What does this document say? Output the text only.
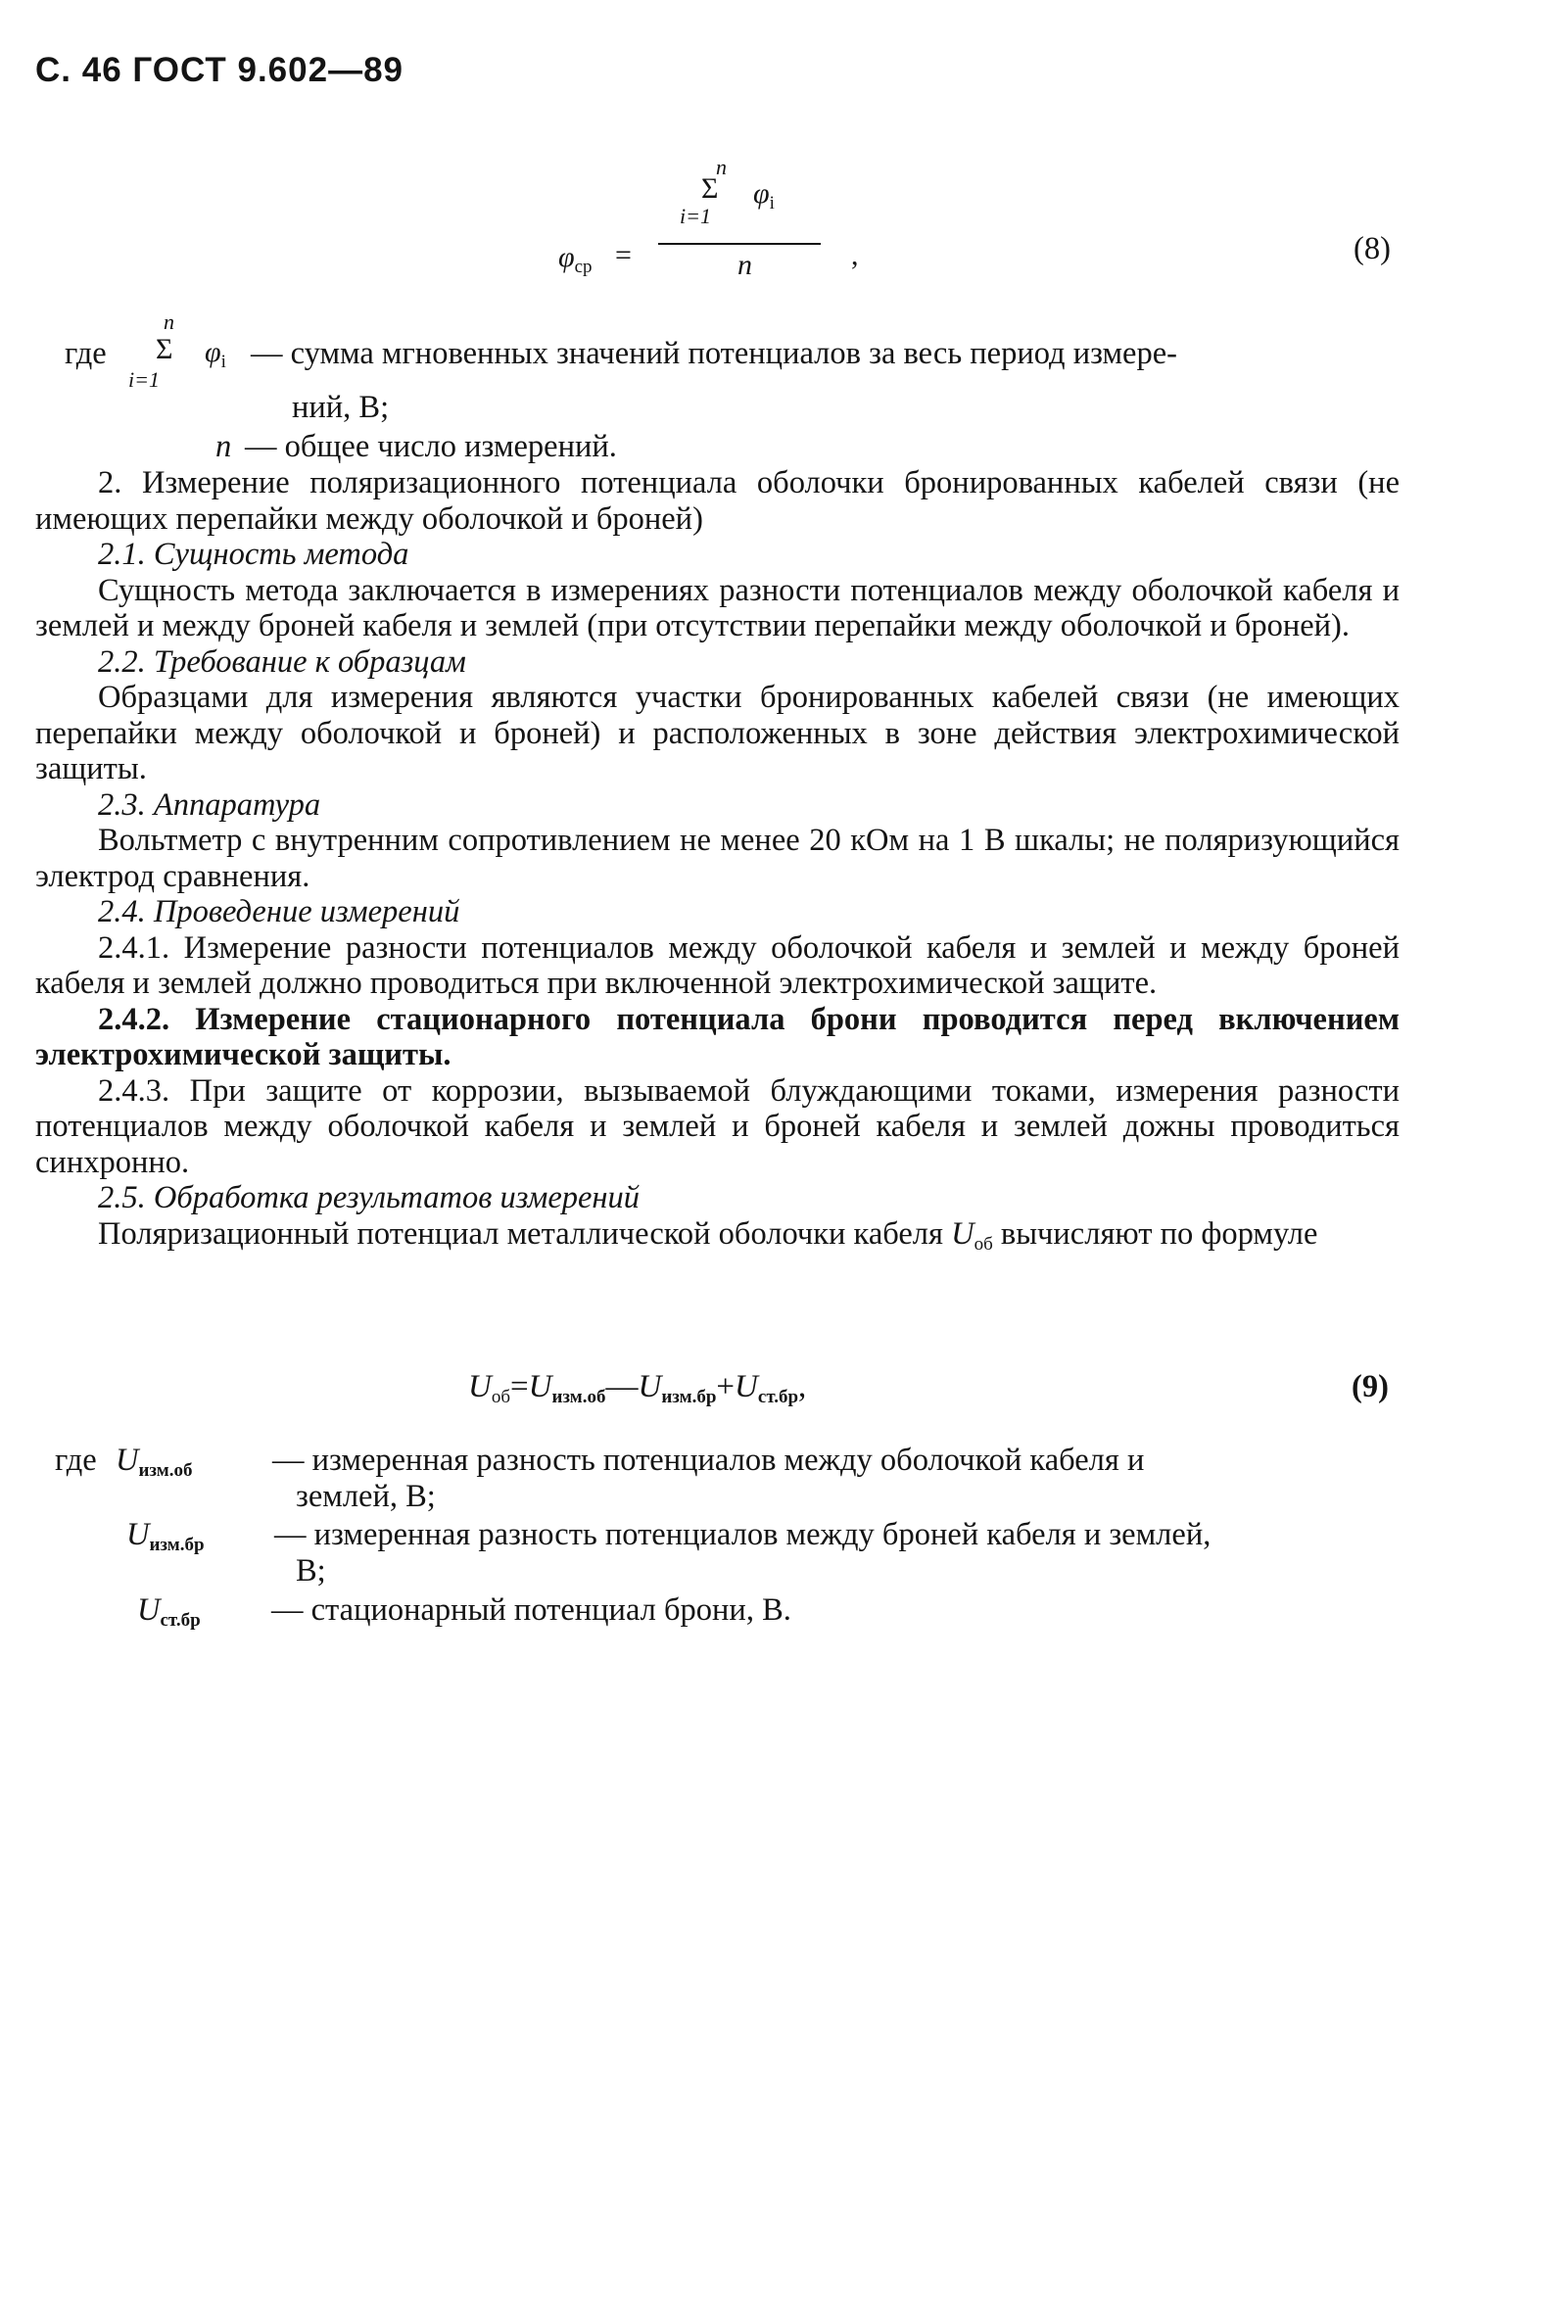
С. 46 ГОСТ 9.602—89
n
Σ $\varphi_i$
i=1
$\varphi_{ср}$ =	n	,	(8)
n
где Σ $\varphi_i$ — сумма мгновенных значений потенциалов за весь период измере-
i=1
ний, В;
n — общее число измерений.

2. Измерение поляризационного потенциала оболочки бронированных кабелей связи (не имеющих перепайки между оболочкой и броней)

2.1. Сущность метода

Сущность метода заключается в измерениях разности потенциалов между оболочкой кабеля и землей и между броней кабеля и землей (при отсутствии перепайки между оболочкой и броней).

2.2. Требование к образцам

Образцами для измерения являются участки бронированных кабелей связи (не имеющих перепайки между оболочкой и броней) и расположенных в зоне действия электрохимической защиты.

2.3. Аппаратура

Вольтметр с внутренним сопротивлением не менее 20 кОм на 1 В шкалы; не поляризующийся электрод сравнения.

2.4. Проведение измерений

2.4.1. Измерение разности потенциалов между оболочкой кабеля и землей и между броней кабеля и землей должно проводиться при включенной электрохимической защите.

2.4.2. Измерение стационарного потенциала брони проводится перед включением электрохимической защиты.

2.4.3. При защите от коррозии, вызываемой блуждающими токами, измерения разности потенциалов между оболочкой кабеля и землей и броней кабеля и землей дожны проводиться синхронно.

2.5. Обработка результатов измерений

Поляризационный потенциал металлической оболочки кабеля Uоб вычисляют по формуле

Uоб=Uизм.об—Uизм.бр+Uст.бр,	(9)
где Uизм.об	— измеренная разность потенциалов между оболочкой кабеля и
землей, В;
Uизм.бр — измеренная разность потенциалов между броней кабеля и землей,
В;
Uст.бр — стационарный потенциал брони, В.
